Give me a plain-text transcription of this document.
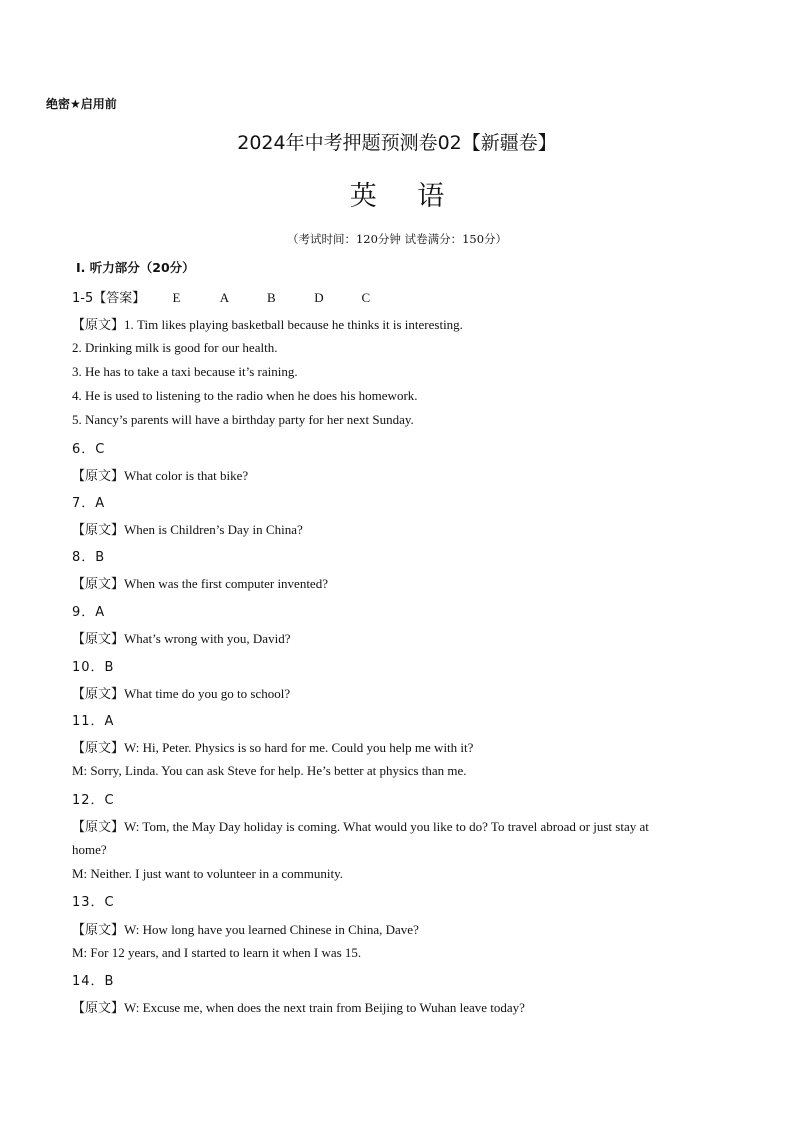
绝密★启用前
2024年中考押题预测卷02【新疆卷】
英 语
（考试时间：120分钟 试卷满分：150分）
Ⅰ. 听力部分（20分）
1-5【答案】 E	A	B	D	C
【原文】1. Tim likes playing basketball because he thinks it is interesting.
2. Drinking milk is good for our health.
3. He has to take a taxi because it’s raining.
4. He is used to listening to the radio when he does his homework.
5. Nancy’s parents will have a birthday party for her next Sunday.
6．C
【原文】What color is that bike?
7．A
【原文】When is Children’s Day in China?
8．B
【原文】When was the first computer invented?
9．A
【原文】What’s wrong with you, David?
10．B
【原文】What time do you go to school?
11．A
【原文】W: Hi, Peter. Physics is so hard for me. Could you help me with it?
M: Sorry, Linda. You can ask Steve for help. He’s better at physics than me.
12．C
【原文】W: Tom, the May Day holiday is coming. What would you like to do? To travel abroad or just stay at
home?
M: Neither. I just want to volunteer in a community.
13．C
【原文】W: How long have you learned Chinese in China, Dave?
M: For 12 years, and I started to learn it when I was 15.
14．B
【原文】W: Excuse me, when does the next train from Beijing to Wuhan leave today?
